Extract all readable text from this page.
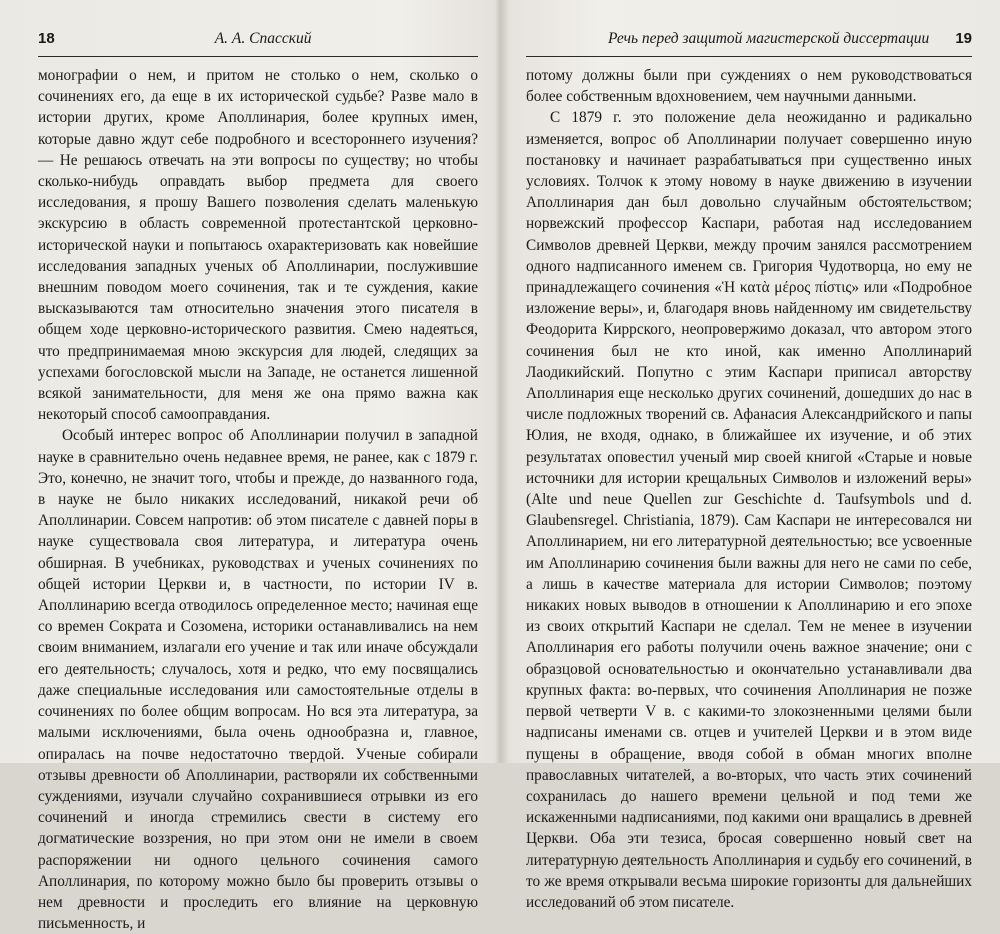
18	А. А. Спасский

монографии о нем, и притом не столько о нем, сколько о сочинениях его, да еще в их исторической судьбе? Разве мало в истории других, кроме Аполлинария, более крупных имен, которые давно ждут себе подробного и всестороннего изучения? — Не решаюсь отвечать на эти вопросы по существу; но чтобы сколько-нибудь оправдать выбор предмета для своего исследования, я прошу Вашего позволения сделать маленькую экскурсию в область современной протестантской церковно-исторической науки и попытаюсь охарактеризовать как новейшие исследования западных ученых об Аполлинарии, послужившие внешним поводом моего сочинения, так и те суждения, какие высказываются там относительно значения этого писателя в общем ходе церковно-исторического развития. Смею надеяться, что предпринимаемая мною экскурсия для людей, следящих за успехами богословской мысли на Западе, не останется лишенной всякой занимательности, для меня же она прямо важна как некоторый способ самооправдания.

Особый интерес вопрос об Аполлинарии получил в западной науке в сравнительно очень недавнее время, не ранее, как с 1879 г. Это, конечно, не значит того, чтобы и прежде, до названного года, в науке не было никаких исследований, никакой речи об Аполлинарии. Совсем напротив: об этом писателе с давней поры в науке существовала своя литература, и литература очень обширная. В учебниках, руководствах и ученых сочинениях по общей истории Церкви и, в частности, по истории IV в. Аполлинарию всегда отводилось определенное место; начиная еще со времен Сократа и Созомена, историки останавливались на нем своим вниманием, излагали его учение и так или иначе обсуждали его деятельность; случалось, хотя и редко, что ему посвящались даже специальные исследования или самостоятельные отделы в сочинениях по более общим вопросам. Но вся эта литература, за малыми исключениями, была очень однообразна и, главное, опиралась на почве недостаточно твердой. Ученые собирали отзывы древности об Аполлинарии, растворяли их собственными суждениями, изучали случайно сохранившиеся отрывки из его сочинений и иногда стремились свести в систему его догматические воззрения, но при этом они не имели в своем распоряжении ни одного цельного сочинения самого Аполлинария, по которому можно было бы проверить отзывы о нем древности и проследить его влияние на церковную письменность, и

Речь перед защитой магистерской диссертации 19

потому должны были при суждениях о нем руководствоваться более собственным вдохновением, чем научными данными.

С 1879 г. это положение дела неожиданно и радикально изменяется, вопрос об Аполлинарии получает совершенно иную постановку и начинает разрабатываться при существенно иных условиях. Толчок к этому новому в науке движению в изучении Аполлинария дан был довольно случайным обстоятельством; норвежский профессор Каспари, работая над исследованием Символов древней Церкви, между прочим занялся рассмотрением одного надписанного именем св. Григория Чудотворца, но ему не принадлежащего сочинения «Ἡ κατὰ μέρος πίστις» или «Подробное изложение веры», и, благодаря вновь найденному им свидетельству Феодорита Киррского, неопровержимо доказал, что автором этого сочинения был не кто иной, как именно Аполлинарий Лаодикийский. Попутно с этим Каспари приписал авторству Аполлинария еще несколько других сочинений, дошедших до нас в числе подложных творений св. Афанасия Александрийского и папы Юлия, не входя, однако, в ближайшее их изучение, и об этих результатах оповестил ученый мир своей книгой «Старые и новые источники для истории крещальных Символов и изложений веры» (Alte und neue Quellen zur Geschichte d. Taufsymbols und d. Glaubensregel. Christiania, 1879). Сам Каспари не интересовался ни Аполлинарием, ни его литературной деятельностью; все усвоенные им Аполлинарию сочинения были важны для него не сами по себе, а лишь в качестве материала для истории Символов; поэтому никаких новых выводов в отношении к Аполлинарию и его эпохе из своих открытий Каспари не сделал. Тем не менее в изучении Аполлинария его работы получили очень важное значение; они с образцовой основательностью и окончательно устанавливали два крупных факта: во-первых, что сочинения Аполлинария не позже первой четверти V в. с какими-то злокозненными целями были надписаны именами св. отцев и учителей Церкви и в этом виде пущены в обращение, вводя собой в обман многих вполне православных читателей, а во-вторых, что часть этих сочинений сохранилась до нашего времени цельной и под теми же искаженными надписаниями, под какими они вращались в древней Церкви. Оба эти тезиса, бросая совершенно новый свет на литературную деятельность Аполлинария и судьбу его сочинений, в то же время открывали весьма широкие горизонты для дальнейших исследований об этом писателе.
